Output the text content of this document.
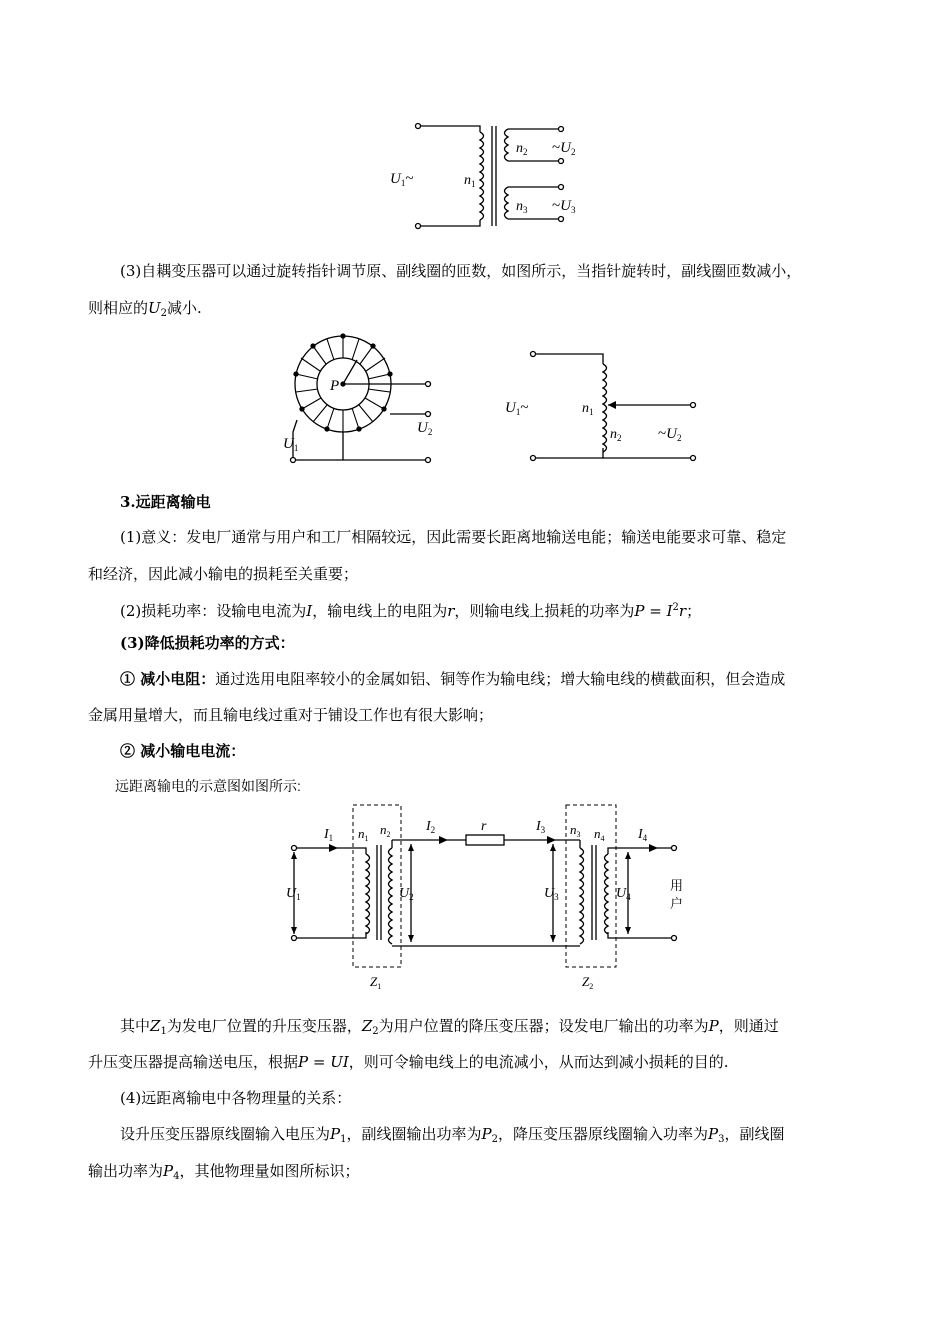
$U_1\sim$	$n_1$
$n_2$
$n_3$
$\sim U_2$
$\sim U_3$
(3)自耦变压器可以通过旋转指针调节原、副线圈的匝数，如图所示，当指针旋转时，副线圈匝数减小，
则相应的$U_2$减小.
P
$U_1$
$U_2$
$U_1\sim$	$n_1$
$n_2$ $\sim U_2$
3.远距离输电
(1)意义：发电厂通常与用户和工厂相隔较远，因此需要长距离地输送电能；输送电能要求可靠、稳定
和经济，因此减小输电的损耗至关重要；
(2)损耗功率：设输电电流为I，输电线上的电阻为r，则输电线上损耗的功率为$P = I^2r$；
(3)降低损耗功率的方式：
① 减小电阻：通过选用电阻率较小的金属如铝、铜等作为输电线；增大输电线的横截面积，但会造成
金属用量增大，而且输电线过重对于铺设工作也有很大影响；
② 减小输电电流：
远距离输电的示意图如图所示:
$I_1$ $n_1$
$n_2$
$I_2$	r	$I_3$ $n_3$ $n_4$ $I_4$
$U_1$	$U_2$	$U_3$	$U_4$
用
户
$Z_1$	$Z_2$
其中$Z_1$为发电厂位置的升压变压器，$Z_2$为用户位置的降压变压器；设发电厂输出的功率为P，则通过
升压变压器提高输送电压，根据P = UI，则可令输电线上的电流减小，从而达到减小损耗的目的.
(4)远距离输电中各物理量的关系：
设升压变压器原线圈输入电压为$P_1$，副线圈输出功率为$P_2$，降压变压器原线圈输入功率为$P_3$，副线圈
输出功率为$P_4$，其他物理量如图所标识；
